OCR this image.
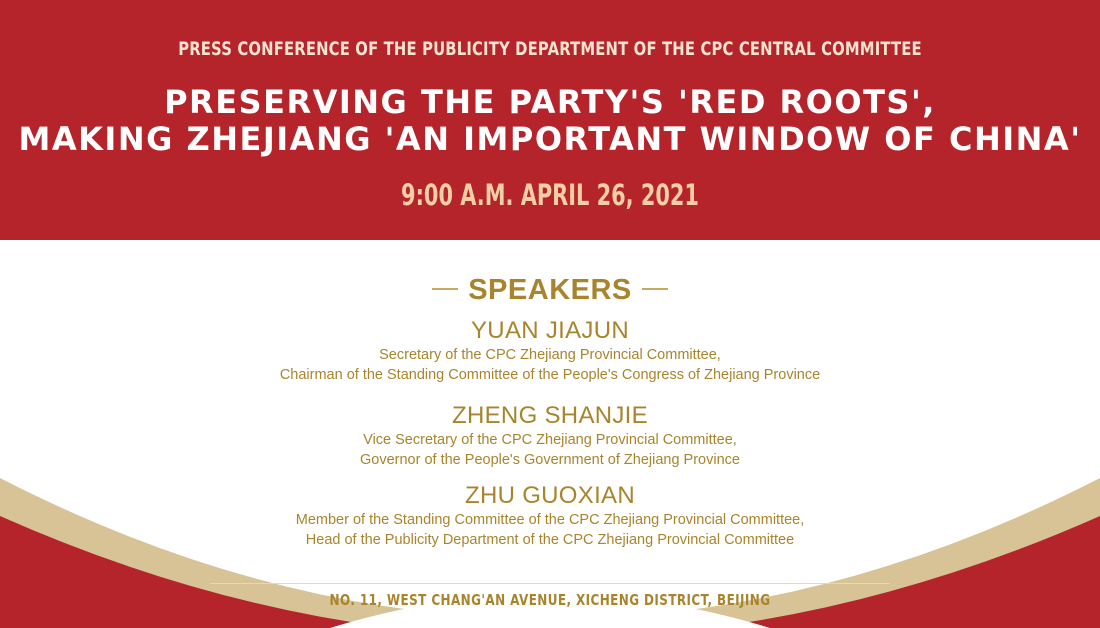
PRESS CONFERENCE OF THE PUBLICITY DEPARTMENT OF THE CPC CENTRAL COMMITTEE
PRESERVING THE PARTY'S 'RED ROOTS',
MAKING ZHEJIANG 'AN IMPORTANT WINDOW OF CHINA'
9:00 A.M. APRIL 26, 2021
SPEAKERS
YUAN JIAJUN
Secretary of the CPC Zhejiang Provincial Committee,
Chairman of the Standing Committee of the People's Congress of Zhejiang Province
ZHENG SHANJIE
Vice Secretary of the CPC Zhejiang Provincial Committee,
Governor of the People's Government of Zhejiang Province
ZHU GUOXIAN
Member of the Standing Committee of the CPC Zhejiang Provincial Committee,
Head of the Publicity Department of the CPC Zhejiang Provincial Committee
NO. 11, WEST CHANG'AN AVENUE, XICHENG DISTRICT, BEIJING
